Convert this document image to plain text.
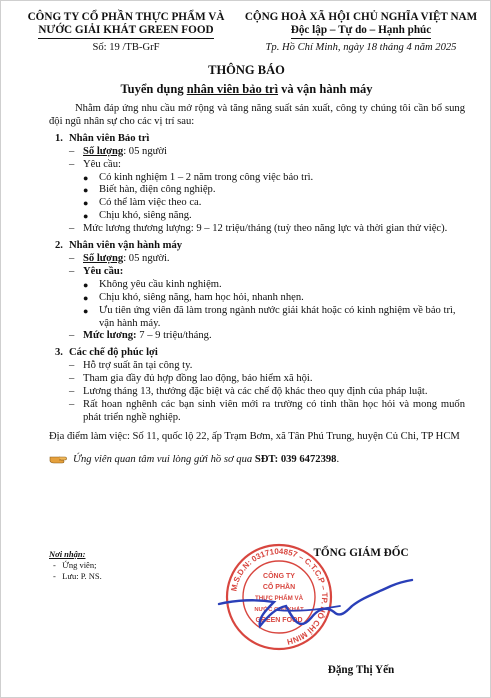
CÔNG TY CỔ PHẦN THỰC PHẨM VÀ
NƯỚC GIẢI KHÁT GREEN FOOD
CỘNG HOÀ XÃ HỘI CHỦ NGHĨA VIỆT NAM
Độc lập – Tự do – Hạnh phúc
Số: 19 /TB-GrF	Tp. Hồ Chí Minh, ngày 18 tháng 4 năm 2025
THÔNG BÁO
Tuyển dụng nhân viên bảo trì và vận hành máy

Nhằm đáp ứng nhu cầu mở rộng và tăng năng suất sản xuất, công ty chúng tôi cần bổ sung đội ngũ nhân sự cho các vị trí sau:

1. Nhân viên Bảo trì
– Số lượng: 05 người
– Yêu cầu:
● Có kinh nghiệm 1 – 2 năm trong công việc bảo trì.
● Biết hàn, điện công nghiệp.
● Có thể làm việc theo ca.
● Chịu khó, siêng năng.
– Mức lương thương lượng: 9 – 12 triệu/tháng (tuỳ theo năng lực và thời gian thử việc).
2. Nhân viên vận hành máy
– Số lượng: 05 người.
– Yêu cầu:
● Không yêu cầu kinh nghiệm.
● Chịu khó, siêng năng, ham học hỏi, nhanh nhẹn.
● Ưu tiên ứng viên đã làm trong ngành nước giải khát hoặc có kinh nghiệm về bảo trì, vận hành máy.
– Mức lương: 7 – 9 triệu/tháng.
3. Các chế độ phúc lợi
– Hỗ trợ suất ăn tại công ty.
– Tham gia đầy đủ hợp đồng lao động, bảo hiểm xã hội.
– Lương tháng 13, thưởng đặc biệt và các chế độ khác theo quy định của pháp luật.
– Rất hoan nghênh các bạn sinh viên mới ra trường có tinh thần học hỏi và mong muốn phát triển nghề nghiệp.
Địa điểm làm việc: Số 11, quốc lộ 22, ấp Trạm Bơm, xã Tân Phú Trung, huyện Củ Chi, TP HCM
Ứng viên quan tâm vui lòng gửi hồ sơ qua SĐT: 039 6472398.
Nơi nhận:
-   Ứng viên;
-   Lưu: P. NS.
TỔNG GIÁM ĐỐC
M.S.D.N: 0317104857 – C.T.C.P – TP. HỒ CHÍ MINH
CÔNG TY
CỔ PHẦN
THỰC PHẨM VÀ
NƯỚC GIẢI KHÁT
GREEN FOOD
Đặng Thị Yến
